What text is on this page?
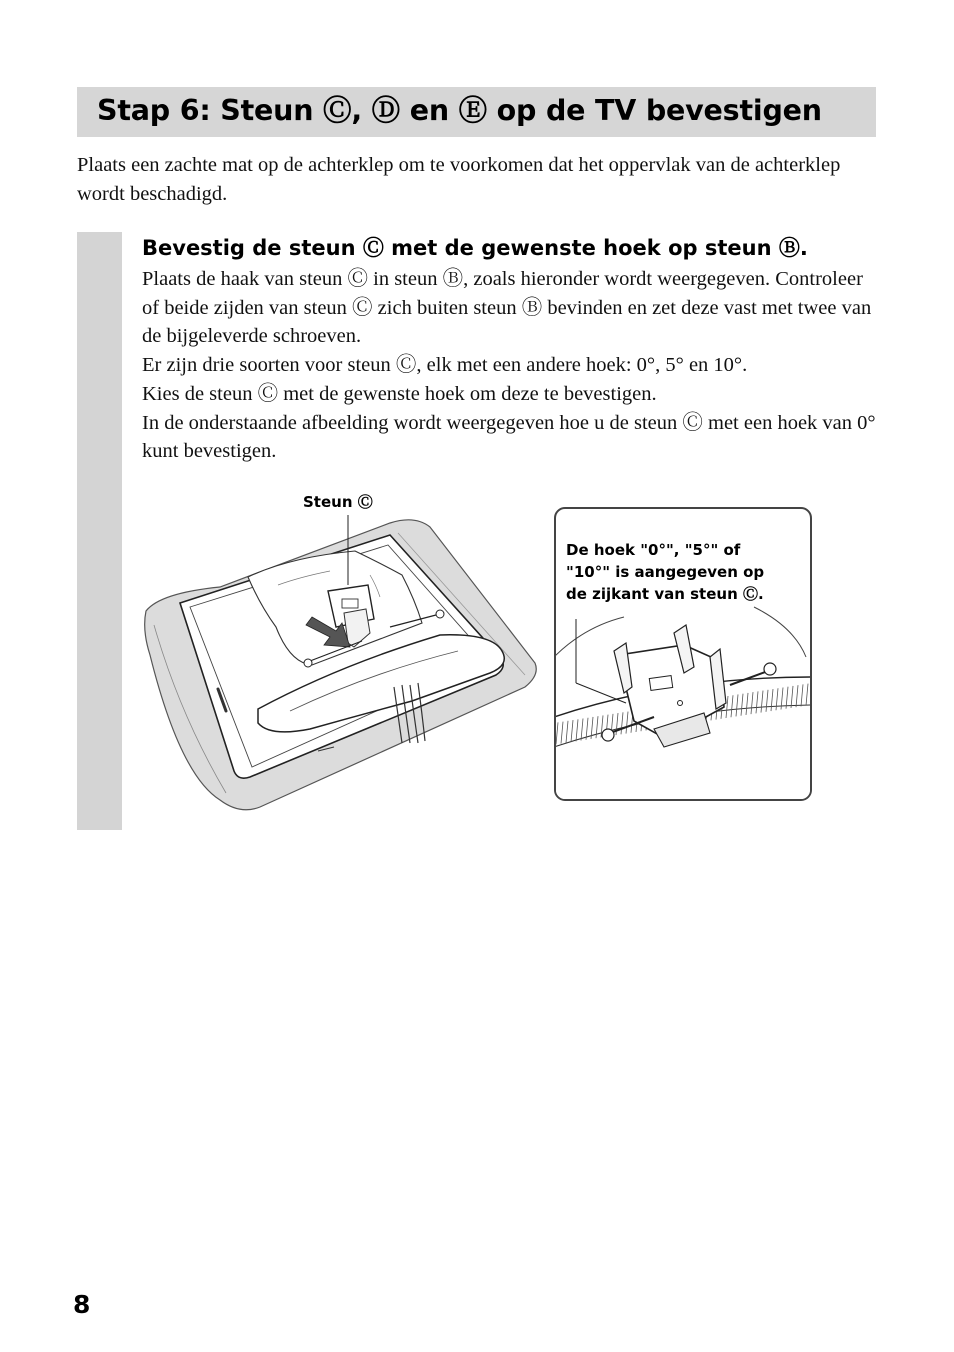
Stap 6: Steun Ⓒ, Ⓓ en Ⓔ op de TV bevestigen
Plaats een zachte mat op de achterklep om te voorkomen dat het oppervlak van de achterklep wordt beschadigd.
Bevestig de steun Ⓒ met de gewenste hoek op steun Ⓑ.

Plaats de haak van steun Ⓒ in steun Ⓑ, zoals hieronder wordt weergegeven. Controleer of beide zijden van steun Ⓒ zich buiten steun Ⓑ bevinden en zet deze vast met twee van de bijgeleverde schroeven.

Er zijn drie soorten voor steun Ⓒ, elk met een andere hoek: 0°, 5° en 10°.

Kies de steun Ⓒ met de gewenste hoek om deze te bevestigen.

In de onderstaande afbeelding wordt weergegeven hoe u de steun Ⓒ met een hoek van 0° kunt bevestigen.

Steun Ⓒ
De hoek "0°", "5°" of "10°" is aangegeven op de zijkant van steun Ⓒ.
8
